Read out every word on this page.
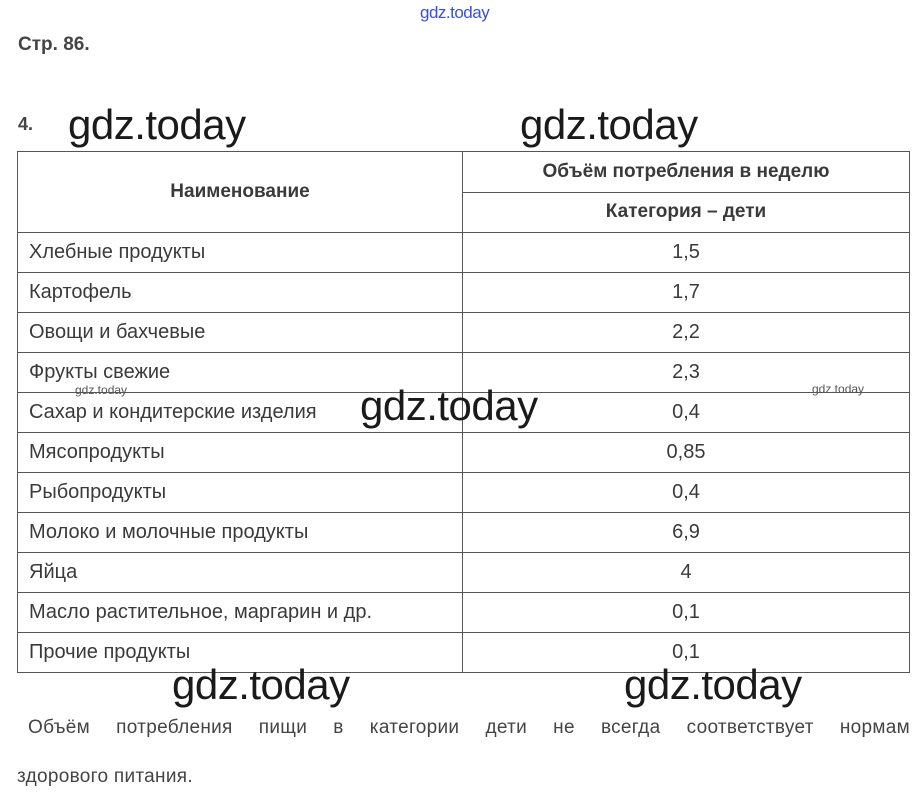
gdz.today
Стр. 86.
4.
Наименование	Объём потребления в неделю
	Категория – дети
Хлебные продукты	1,5
Картофель	1,7
Овощи и бахчевые	2,2
Фрукты свежие	2,3
Сахар и кондитерские изделия	0,4
Мясопродукты	0,85
Рыбопродукты	0,4
Молоко и молочные продукты	6,9
Яйца	4
Масло растительное, маргарин и др.	0,1
Прочие продукты	0,1
gdz.today	gdz.today
gdz.today
gdz.today	gdz.today
gdz.today	gdz.today
Объём потребления пищи в категории дети не всегда соответствует нормам
здорового питания.
